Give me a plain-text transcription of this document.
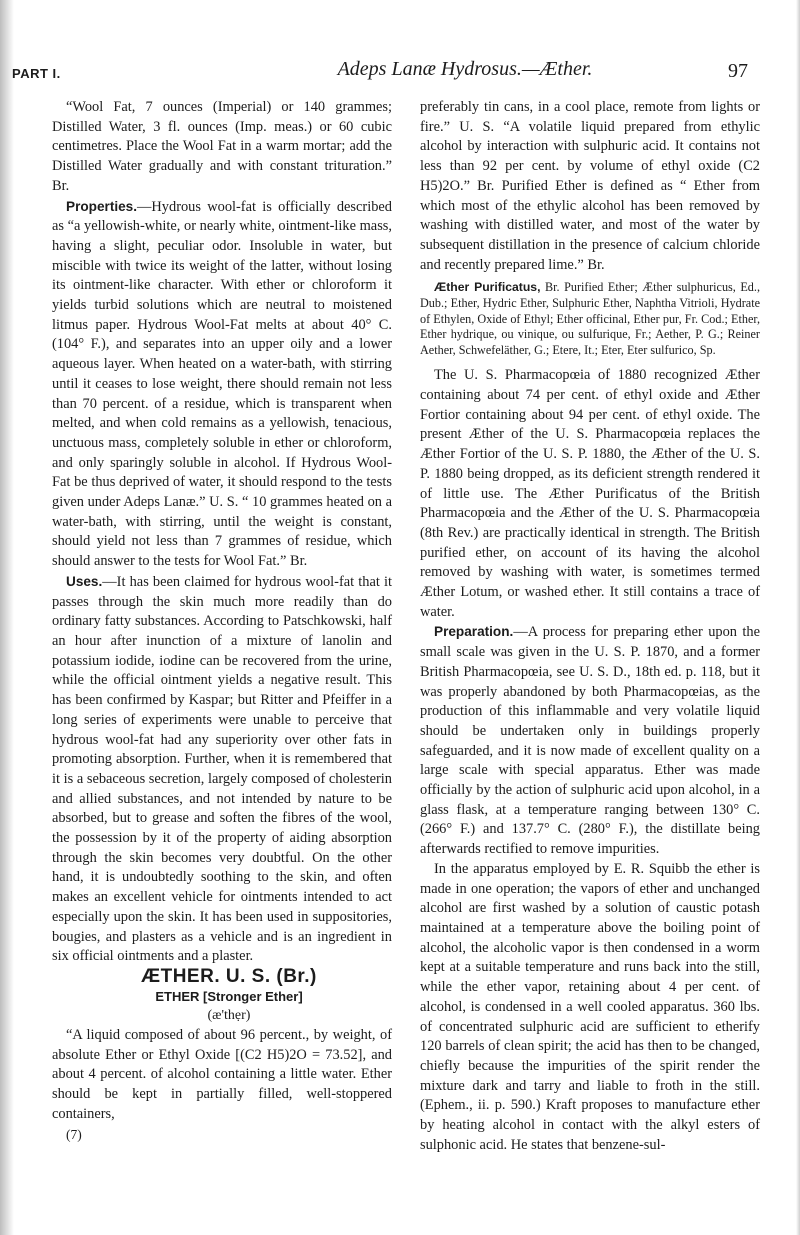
PART I.	Adeps Lanæ Hydrosus.—Æther.	97

“Wool Fat, 7 ounces (Imperial) or 140 grammes; Distilled Water, 3 fl. ounces (Imp. meas.) or 60 cubic centimetres. Place the Wool Fat in a warm mortar; add the Distilled Water gradually and with constant trituration.” Br.

Properties.—Hydrous wool-fat is officially described as “a yellowish-white, or nearly white, ointment-like mass, having a slight, peculiar odor. Insoluble in water, but miscible with twice its weight of the latter, without losing its ointment-like character. With ether or chloroform it yields turbid solutions which are neutral to moistened litmus paper. Hydrous Wool-Fat melts at about 40° C. (104° F.), and separates into an upper oily and a lower aqueous layer. When heated on a water-bath, with stirring until it ceases to lose weight, there should remain not less than 70 percent. of a residue, which is transparent when melted, and when cold remains as a yellowish, tenacious, unctuous mass, completely soluble in ether or chloroform, and only sparingly soluble in alcohol. If Hydrous Wool-Fat be thus deprived of water, it should respond to the tests given under Adeps Lanæ.” U. S. “ 10 grammes heated on a water-bath, with stirring, until the weight is constant, should yield not less than 7 grammes of residue, which should answer to the tests for Wool Fat.” Br.

Uses.—It has been claimed for hydrous wool-fat that it passes through the skin much more readily than do ordinary fatty substances. According to Patschkowski, half an hour after inunction of a mixture of lanolin and potassium iodide, iodine can be recovered from the urine, while the official ointment yields a negative result. This has been confirmed by Kaspar; but Ritter and Pfeiffer in a long series of experiments were unable to perceive that hydrous wool-fat had any superiority over other fats in promoting absorption. Further, when it is remembered that it is a sebaceous secretion, largely composed of cholesterin and allied substances, and not intended by nature to be absorbed, but to grease and soften the fibres of the wool, the possession by it of the property of aiding absorption through the skin becomes very doubtful. On the other hand, it is undoubtedly soothing to the skin, and often makes an excellent vehicle for ointments intended to act especially upon the skin. It has been used in suppositories, bougies, and plasters as a vehicle and is an ingredient in six official ointments and a plaster.

ÆTHER. U. S. (Br.)

ETHER [Stronger Ether]

(æ'thẹr)

“A liquid composed of about 96 percent., by weight, of absolute Ether or Ethyl Oxide [(C2 H5)2O = 73.52], and about 4 percent. of alcohol containing a little water. Ether should be kept in partially filled, well-stoppered containers,

(7)

preferably tin cans, in a cool place, remote from lights or fire.” U. S. “A volatile liquid prepared from ethylic alcohol by interaction with sulphuric acid. It contains not less than 92 per cent. by volume of ethyl oxide (C2 H5)2O.” Br. Purified Ether is defined as “ Ether from which most of the ethylic alcohol has been removed by washing with distilled water, and most of the water by subsequent distillation in the presence of calcium chloride and recently prepared lime.” Br.

Æther Purificatus, Br. Purified Ether; Æther sulphuricus, Ed., Dub.; Ether, Hydric Ether, Sulphuric Ether, Naphtha Vitrioli, Hydrate of Ethylen, Oxide of Ethyl; Ether officinal, Ether pur, Fr. Cod.; Ether, Ether hydrique, ou vinique, ou sulfurique, Fr.; Aether, P. G.; Reiner Aether, Schwefeläther, G.; Etere, It.; Eter, Eter sulfurico, Sp.

The U. S. Pharmacopœia of 1880 recognized Æther containing about 74 per cent. of ethyl oxide and Æther Fortior containing about 94 per cent. of ethyl oxide. The present Æther of the U. S. Pharmacopœia replaces the Æther Fortior of the U. S. P. 1880, the Æther of the U. S. P. 1880 being dropped, as its deficient strength rendered it of little use. The Æther Purificatus of the British Pharmacopœia and the Æther of the U. S. Pharmacopœia (8th Rev.) are practically identical in strength. The British purified ether, on account of its having the alcohol removed by washing with water, is sometimes termed Æther Lotum, or washed ether. It still contains a trace of water.

Preparation.—A process for preparing ether upon the small scale was given in the U. S. P. 1870, and a former British Pharmacopœia, see U. S. D., 18th ed. p. 118, but it was properly abandoned by both Pharmacopœias, as the production of this inflammable and very volatile liquid should be undertaken only in buildings properly safeguarded, and it is now made of excellent quality on a large scale with special apparatus. Ether was made officially by the action of sulphuric acid upon alcohol, in a glass flask, at a temperature ranging between 130° C. (266° F.) and 137.7° C. (280° F.), the distillate being afterwards rectified to remove impurities.

In the apparatus employed by E. R. Squibb the ether is made in one operation; the vapors of ether and unchanged alcohol are first washed by a solution of caustic potash maintained at a temperature above the boiling point of alcohol, the alcoholic vapor is then condensed in a worm kept at a suitable temperature and runs back into the still, while the ether vapor, retaining about 4 per cent. of alcohol, is condensed in a well cooled apparatus. 360 lbs. of concentrated sulphuric acid are sufficient to etherify 120 barrels of clean spirit; the acid has then to be changed, chiefly because the impurities of the spirit render the mixture dark and tarry and liable to froth in the still. (Ephem., ii. p. 590.) Kraft proposes to manufacture ether by heating alcohol in contact with the alkyl esters of sulphonic acid. He states that benzene-sul-
